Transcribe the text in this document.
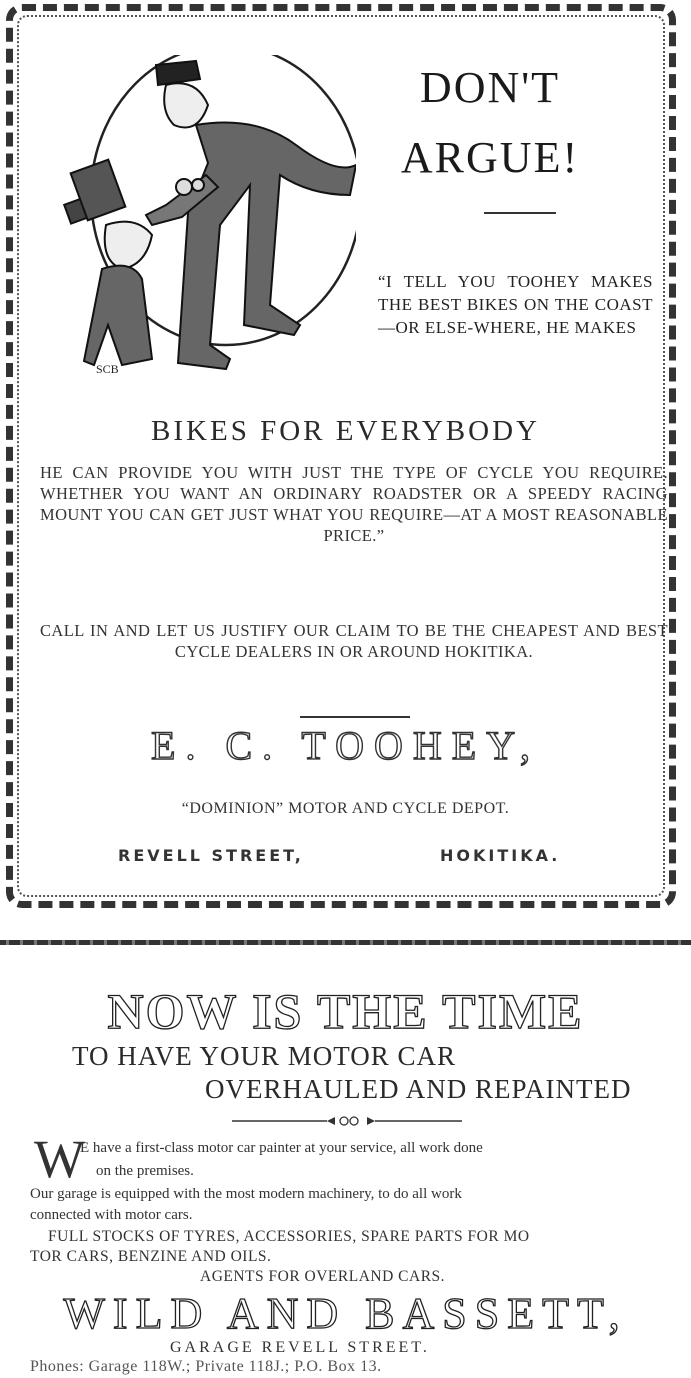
SCB
DON'T
ARGUE!
“I TELL YOU TOOHEY MAKES THE BEST BIKES ON THE COAST—OR ELSE-WHERE, HE MAKES
BIKES FOR EVERYBODY
HE CAN PROVIDE YOU WITH JUST THE TYPE OF CYCLE YOU REQUIRE. WHETHER YOU WANT AN ORDINARY ROADSTER OR A SPEEDY RACING MOUNT YOU CAN GET JUST WHAT YOU REQUIRE—AT A MOST REASONABLE PRICE.”
CALL IN AND LET US JUSTIFY OUR CLAIM TO BE THE CHEAPEST AND BEST CYCLE DEALERS IN OR AROUND HOKITIKA.
E. C. TOOHEY,
“DOMINION” MOTOR AND CYCLE DEPOT.
REVELL STREET,	HOKITIKA.
NOW IS THE TIME
TO HAVE YOUR MOTOR CAR
OVERHAULED AND REPAINTED
W
E have a first-class motor car painter at your service, all work done
on the premises.
Our garage is equipped with the most modern machinery, to do all work
connected with motor cars.
FULL STOCKS OF TYRES, ACCESSORIES, SPARE PARTS FOR MO
TOR CARS, BENZINE AND OILS.
AGENTS FOR OVERLAND CARS.
WILD AND BASSETT,
GARAGE REVELL STREET.
Phones: Garage 118W.; Private 118J.; P.O. Box 13.
